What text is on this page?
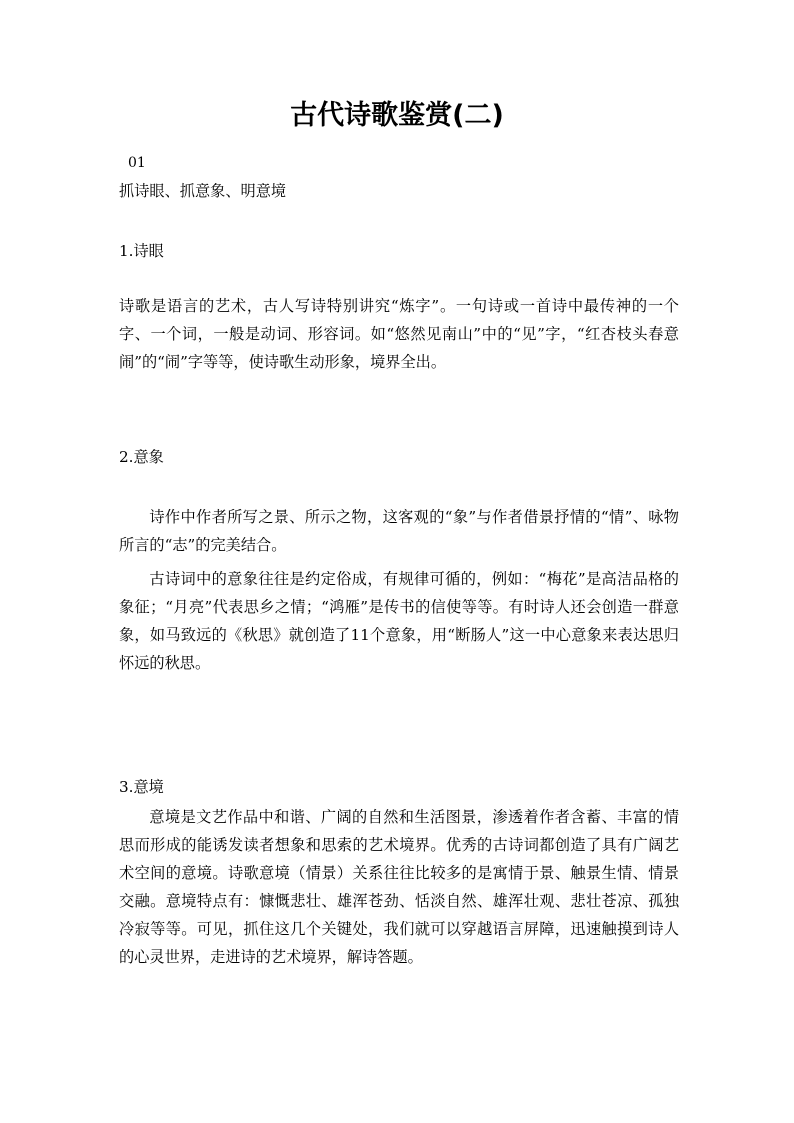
古代诗歌鉴赏(二)

01

抓诗眼、抓意象、明意境

1.诗眼

诗歌是语言的艺术，古人写诗特别讲究“炼字”。一句诗或一首诗中最传神的一个字、一个词，一般是动词、形容词。如“悠然见南山”中的“见”字，“红杏枝头春意闹”的“闹”字等等，使诗歌生动形象，境界全出。

2.意象

诗作中作者所写之景、所示之物，这客观的“象”与作者借景抒情的“情”、咏物所言的“志”的完美结合。

古诗词中的意象往往是约定俗成，有规律可循的，例如：“梅花”是高洁品格的象征；“月亮”代表思乡之情；“鸿雁”是传书的信使等等。有时诗人还会创造一群意象，如马致远的《秋思》就创造了11个意象，用“断肠人”这一中心意象来表达思归怀远的秋思。

3.意境

意境是文艺作品中和谐、广阔的自然和生活图景，渗透着作者含蓄、丰富的情思而形成的能诱发读者想象和思索的艺术境界。优秀的古诗词都创造了具有广阔艺术空间的意境。诗歌意境（情景）关系往往比较多的是寓情于景、触景生情、情景交融。意境特点有：慷慨悲壮、雄浑苍劲、恬淡自然、雄浑壮观、悲壮苍凉、孤独冷寂等等。可见，抓住这几个关键处，我们就可以穿越语言屏障，迅速触摸到诗人的心灵世界，走进诗的艺术境界，解诗答题。
